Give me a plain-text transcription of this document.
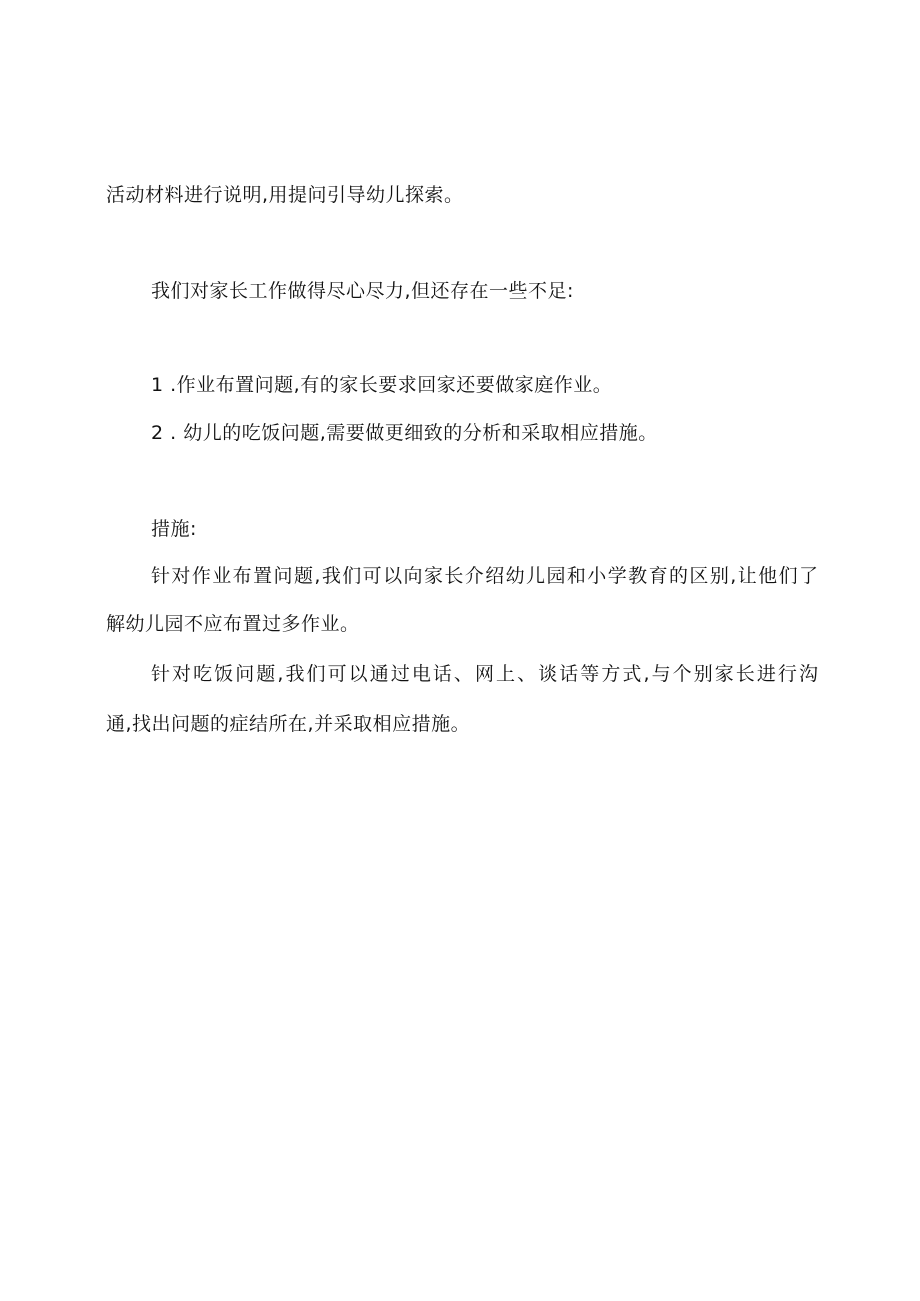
活动材料进行说明,用提问引导幼儿探索。
我们对家长工作做得尽心尽力,但还存在一些不足:
1 .作业布置问题,有的家长要求回家还要做家庭作业。
2 . 幼儿的吃饭问题,需要做更细致的分析和采取相应措施。
措施:
针对作业布置问题,我们可以向家长介绍幼儿园和小学教育的区别,让他们了
解幼儿园不应布置过多作业。
针对吃饭问题,我们可以通过电话、网上、谈话等方式,与个别家长进行沟
通,找出问题的症结所在,并采取相应措施。
